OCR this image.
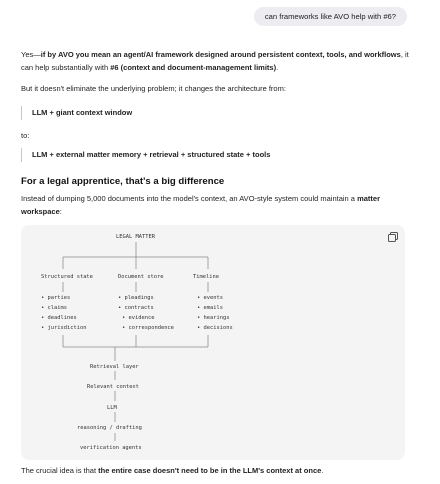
can frameworks like AVO help with #6?

Yes—if by AVO you mean an agent/AI framework designed around persistent context, tools, and workflows, it can help substantially with #6 (context and document-management limits).

But it doesn't eliminate the underlying problem; it changes the architecture from:

LLM + giant context window

to:

LLM + external matter memory + retrieval + structured state + tools
For a legal apprentice, that's a big difference

Instead of dumping 5,000 documents into the model's context, an AVO-style system could maintain a matter workspace:

LEGAL MATTER
Structured state	Document store	Timeline
• parties
• claims
• deadlines
• jurisdiction
• pleadings
• contracts
• evidence
• correspondence
• events
• emails
• hearings
• decisions
Retrieval layer
Relevant context
LLM
reasoning / drafting
verification agents

The crucial idea is that the entire case doesn't need to be in the LLM's context at once.
